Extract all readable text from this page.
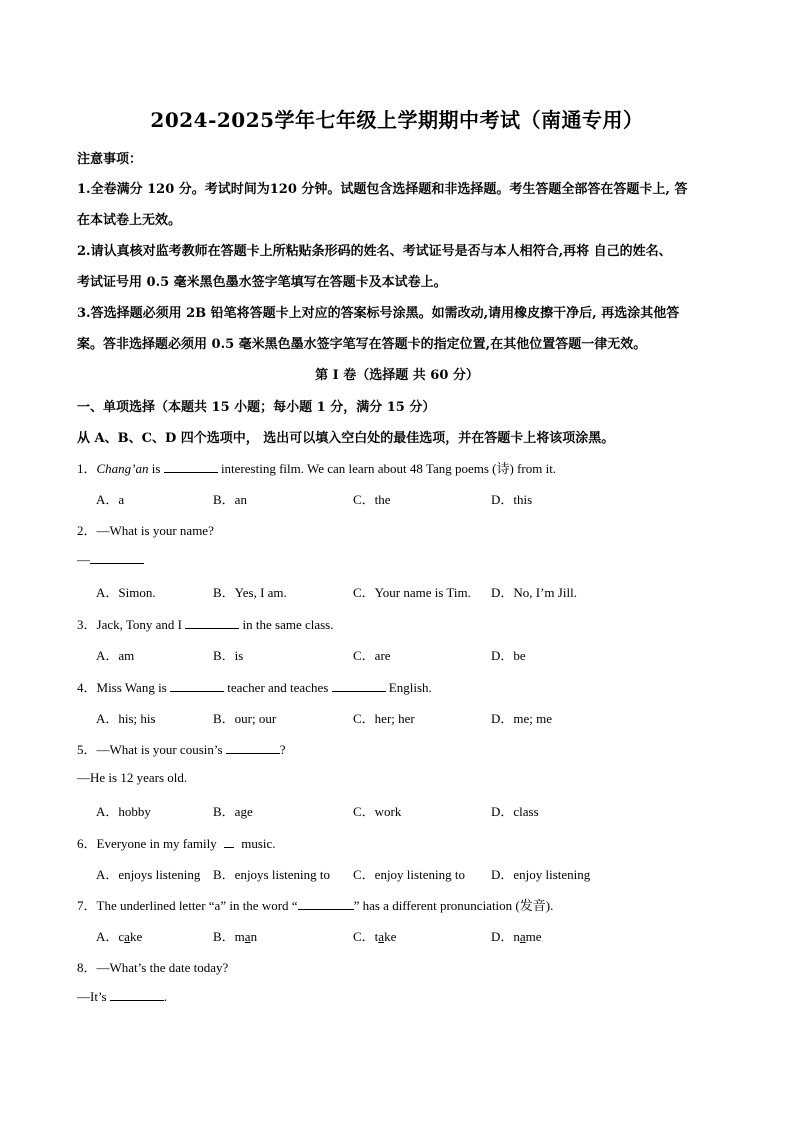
2024-2025学年七年级上学期期中考试（南通专用）
注意事项：
1.全卷满分 120 分。考试时间为120 分钟。试题包含选择题和非选择题。考生答题全部答在答题卡上, 答
在本试卷上无效。
2.请认真核对监考教师在答题卡上所粘贴条形码的姓名、考试证号是否与本人相符合,再将 自己的姓名、
考试证号用 0.5 毫米黑色墨水签字笔填写在答题卡及本试卷上。
3.答选择题必须用 2B 铅笔将答题卡上对应的答案标号涂黑。如需改动,请用橡皮擦干净后, 再选涂其他答
案。答非选择题必须用 0.5 毫米黑色墨水签字笔写在答题卡的指定位置,在其他位置答题一律无效。
第 I 卷（选择题 共 60 分）
一、单项选择（本题共 15 小题；每小题 1 分，满分 15 分）
从 A、B、C、D 四个选项中， 选出可以填入空白处的最佳选项，并在答题卡上将该项涂黑。
1．Chang’an is	interesting film. We can learn about 48 Tang poems (诗) from it.
A．a	B．an	C．the	D．this
2．—What is your name?
—
A．Simon.	B．Yes, I am.	C．Your name is Tim. D．No, I’m Jill.
3．Jack, Tony and I	in the same class.
A．am	B．is	C．are	D．be
4．Miss Wang is	teacher and teaches	English.
A．his; his	B．our; our	C．her; her	D．me; me
5．—What is your cousin’s	?
—He is 12 years old.
A．hobby	B．age	C．work	D．class
6．Everyone in my family  music.
A．enjoys listening B．enjoys listening to C．enjoy listening to D．enjoy listening
7．The underlined letter “a” in the word “	” has a different pronunciation (发音).
A．cake	B．man	C．take	D．name
8．—What’s the date today?
—It’s	.
